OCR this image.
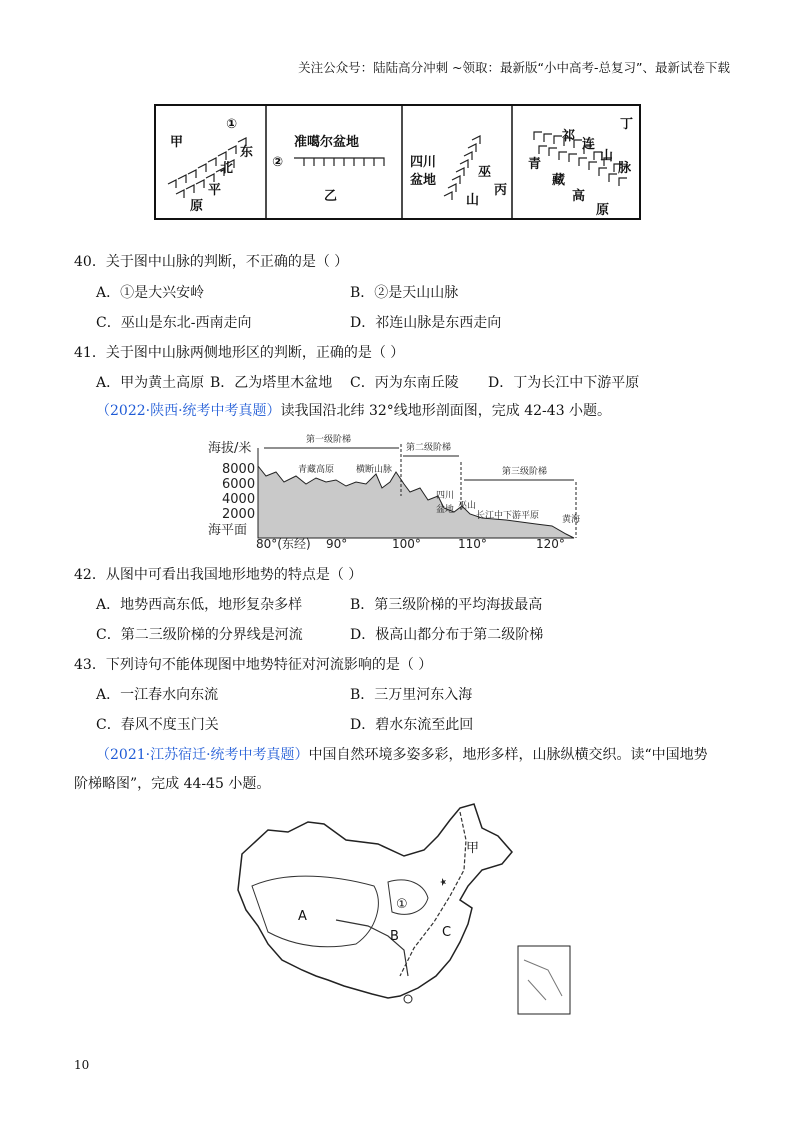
关注公众号：陆陆高分冲刺 ~领取：最新版“小中高考-总复习”、最新试卷下载
甲
①
东
北
平
原
准噶尔盆地
②
乙
四川
盆地
巫
山
丙
丁
祁
连
山
脉
青
藏
高
原
40．关于图中山脉的判断，不正确的是（ ）
A．①是大兴安岭	B．②是天山山脉
C．巫山是东北-西南走向	D．祁连山脉是东西走向
41．关于图中山脉两侧地形区的判断，正确的是（ ）
A．甲为黄土高原 B．乙为塔里木盆地 C．丙为东南丘陵 D．丁为长江中下游平原
（2022·陕西·统考中考真题）读我国沿北纬 32°线地形剖面图，完成 42-43 小题。
海拔/米
8000
6000
4000
2000
海平面
第一级阶梯
第二级阶梯
第三级阶梯
青藏高原 横断山脉
四川
盆地 巫山
长江中下游平原	黄海
80°(东经) 90°	100°	110°	120°
42．从图中可看出我国地形地势的特点是（ ）
A．地势西高东低，地形复杂多样	B．第三级阶梯的平均海拔最高
C．第二三级阶梯的分界线是河流	D．极高山都分布于第二级阶梯
43．下列诗句不能体现图中地势特征对河流影响的是（ ）
A．一江春水向东流	B．三万里河东入海
C．春风不度玉门关	D．碧水东流至此回
（2021·江苏宿迁·统考中考真题）中国自然环境多姿多彩，地形多样，山脉纵横交织。读“中国地势
阶梯略图”，完成 44-45 小题。
A
B	C
甲
①
10
